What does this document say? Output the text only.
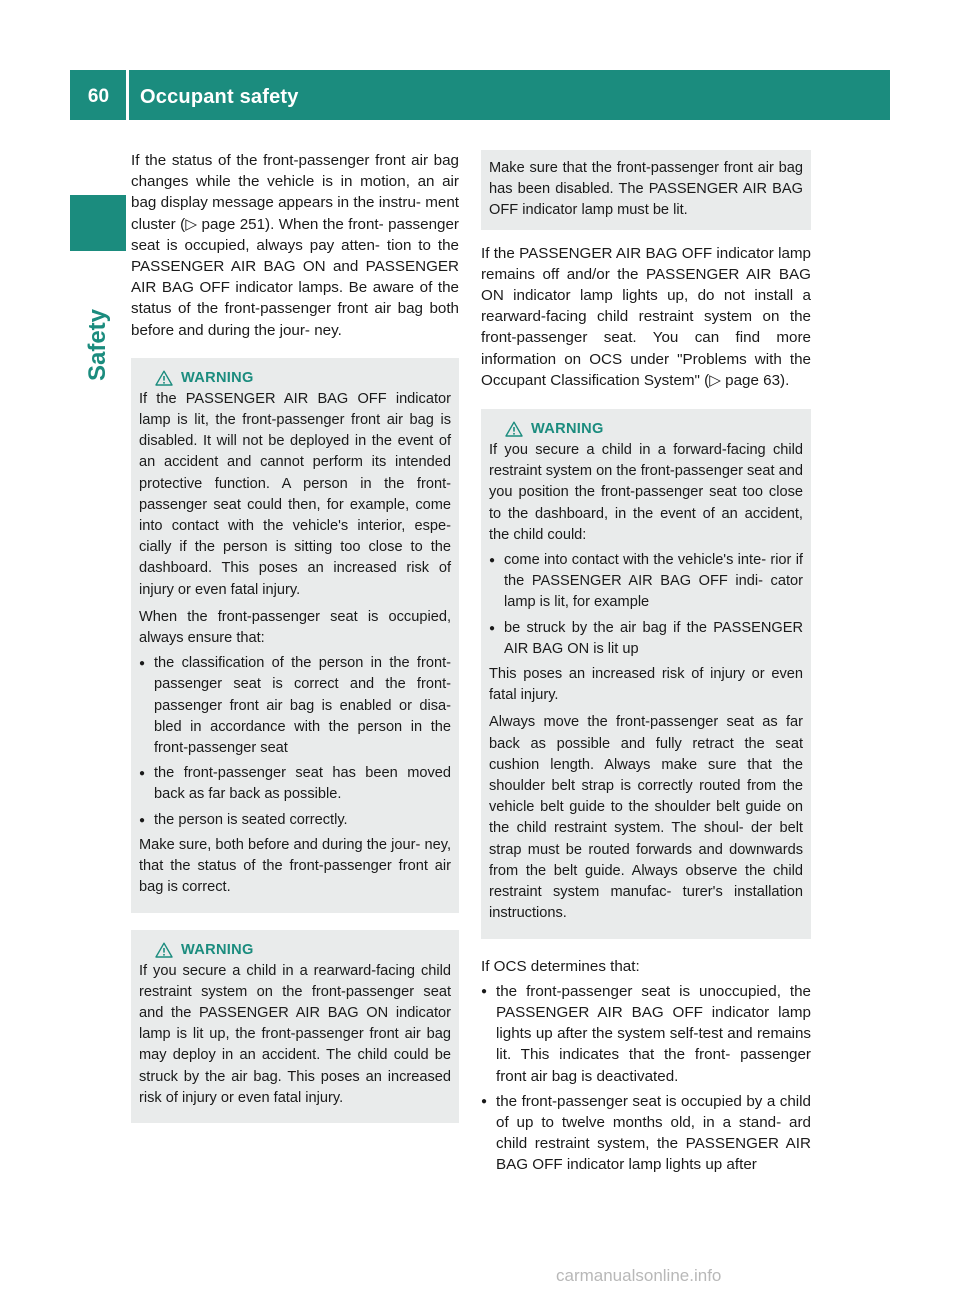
60	Occupant safety
Safety

If the status of the front-passenger front air bag changes while the vehicle is in motion, an air bag display message appears in the instru- ment cluster (▷ page 251). When the front- passenger seat is occupied, always pay atten- tion to the PASSENGER AIR BAG ON and PASSENGER AIR BAG OFF indicator lamps. Be aware of the status of the front-passenger front air bag both before and during the jour- ney.

WARNING

If the PASSENGER AIR BAG OFF indicator lamp is lit, the front-passenger front air bag is disabled. It will not be deployed in the event of an accident and cannot perform its intended protective function. A person in the front- passenger seat could then, for example, come into contact with the vehicle's interior, espe- cially if the person is sitting too close to the dashboard. This poses an increased risk of injury or even fatal injury.

When the front-passenger seat is occupied, always ensure that:

● the classification of the person in the front- passenger seat is correct and the front- passenger front air bag is enabled or disa- bled in accordance with the person in the front-passenger seat
● the front-passenger seat has been moved back as far back as possible.
● the person is seated correctly.

Make sure, both before and during the jour- ney, that the status of the front-passenger front air bag is correct.

WARNING

If you secure a child in a rearward-facing child restraint system on the front-passenger seat and the PASSENGER AIR BAG ON indicator lamp is lit up, the front-passenger front air bag may deploy in an accident. The child could be struck by the air bag. This poses an increased risk of injury or even fatal injury.

Make sure that the front-passenger front air bag has been disabled. The PASSENGER AIR BAG OFF indicator lamp must be lit.

If the PASSENGER AIR BAG OFF indicator lamp remains off and/or the PASSENGER AIR BAG ON indicator lamp lights up, do not install a rearward-facing child restraint system on the front-passenger seat. You can find more information on OCS under "Problems with the Occupant Classification System" (▷ page 63).

WARNING

If you secure a child in a forward-facing child restraint system on the front-passenger seat and you position the front-passenger seat too close to the dashboard, in the event of an accident, the child could:

● come into contact with the vehicle's inte- rior if the PASSENGER AIR BAG OFF indi- cator lamp is lit, for example
● be struck by the air bag if the PASSENGER AIR BAG ON is lit up

This poses an increased risk of injury or even fatal injury.

Always move the front-passenger seat as far back as possible and fully retract the seat cushion length. Always make sure that the shoulder belt strap is correctly routed from the vehicle belt guide to the shoulder belt guide on the child restraint system. The shoul- der belt strap must be routed forwards and downwards from the belt guide. Always observe the child restraint system manufac- turer's installation instructions.

If OCS determines that:

● the front-passenger seat is unoccupied, the PASSENGER AIR BAG OFF indicator lamp lights up after the system self-test and remains lit. This indicates that the front- passenger front air bag is deactivated.
● the front-passenger seat is occupied by a child of up to twelve months old, in a stand- ard child restraint system, the PASSENGER AIR BAG OFF indicator lamp lights up after
carmanualsonline.info
